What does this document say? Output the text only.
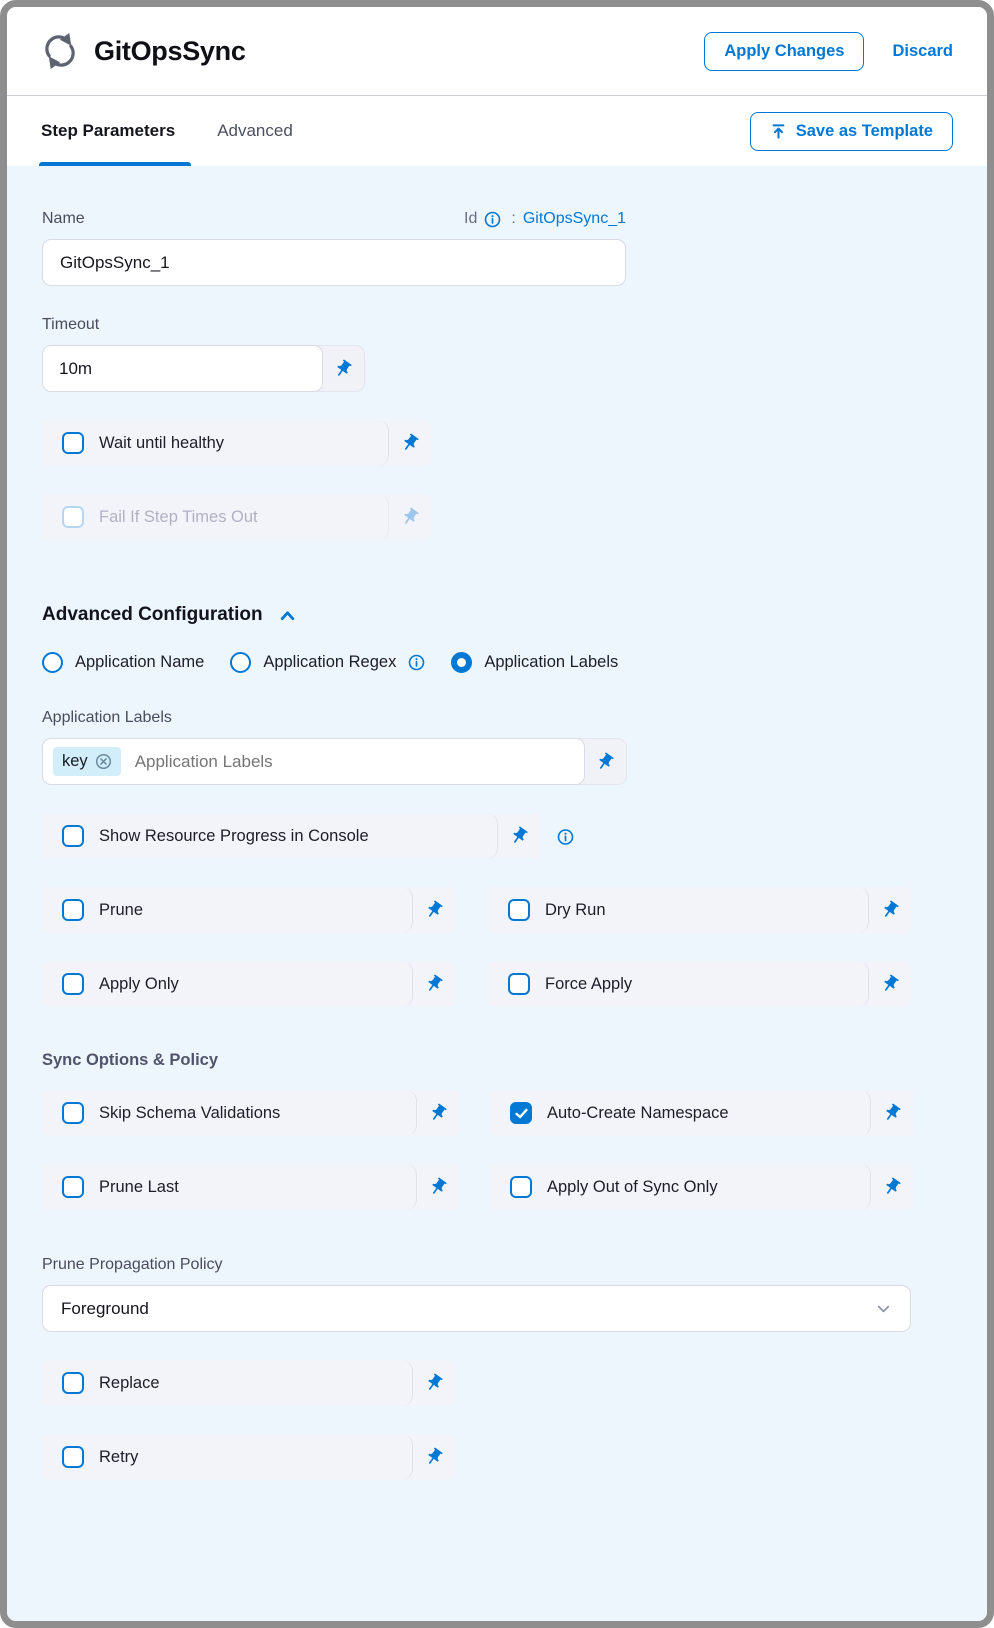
GitOpsSync	Apply Changes	Discard
Step Parameters Advanced	Save as Template
Name	Id : GitOpsSync_1
GitOpsSync_1
Timeout
10m
Wait until healthy
Fail If Step Times Out
Advanced Configuration
Application Name	Application Regex	Application Labels
Application Labels
key
Application Labels
Show Resource Progress in Console
Prune	Dry Run
Apply Only	Force Apply
Sync Options & Policy
Skip Schema Validations	Auto-Create Namespace
Prune Last	Apply Out of Sync Only
Prune Propagation Policy
Foreground
Replace
Retry
